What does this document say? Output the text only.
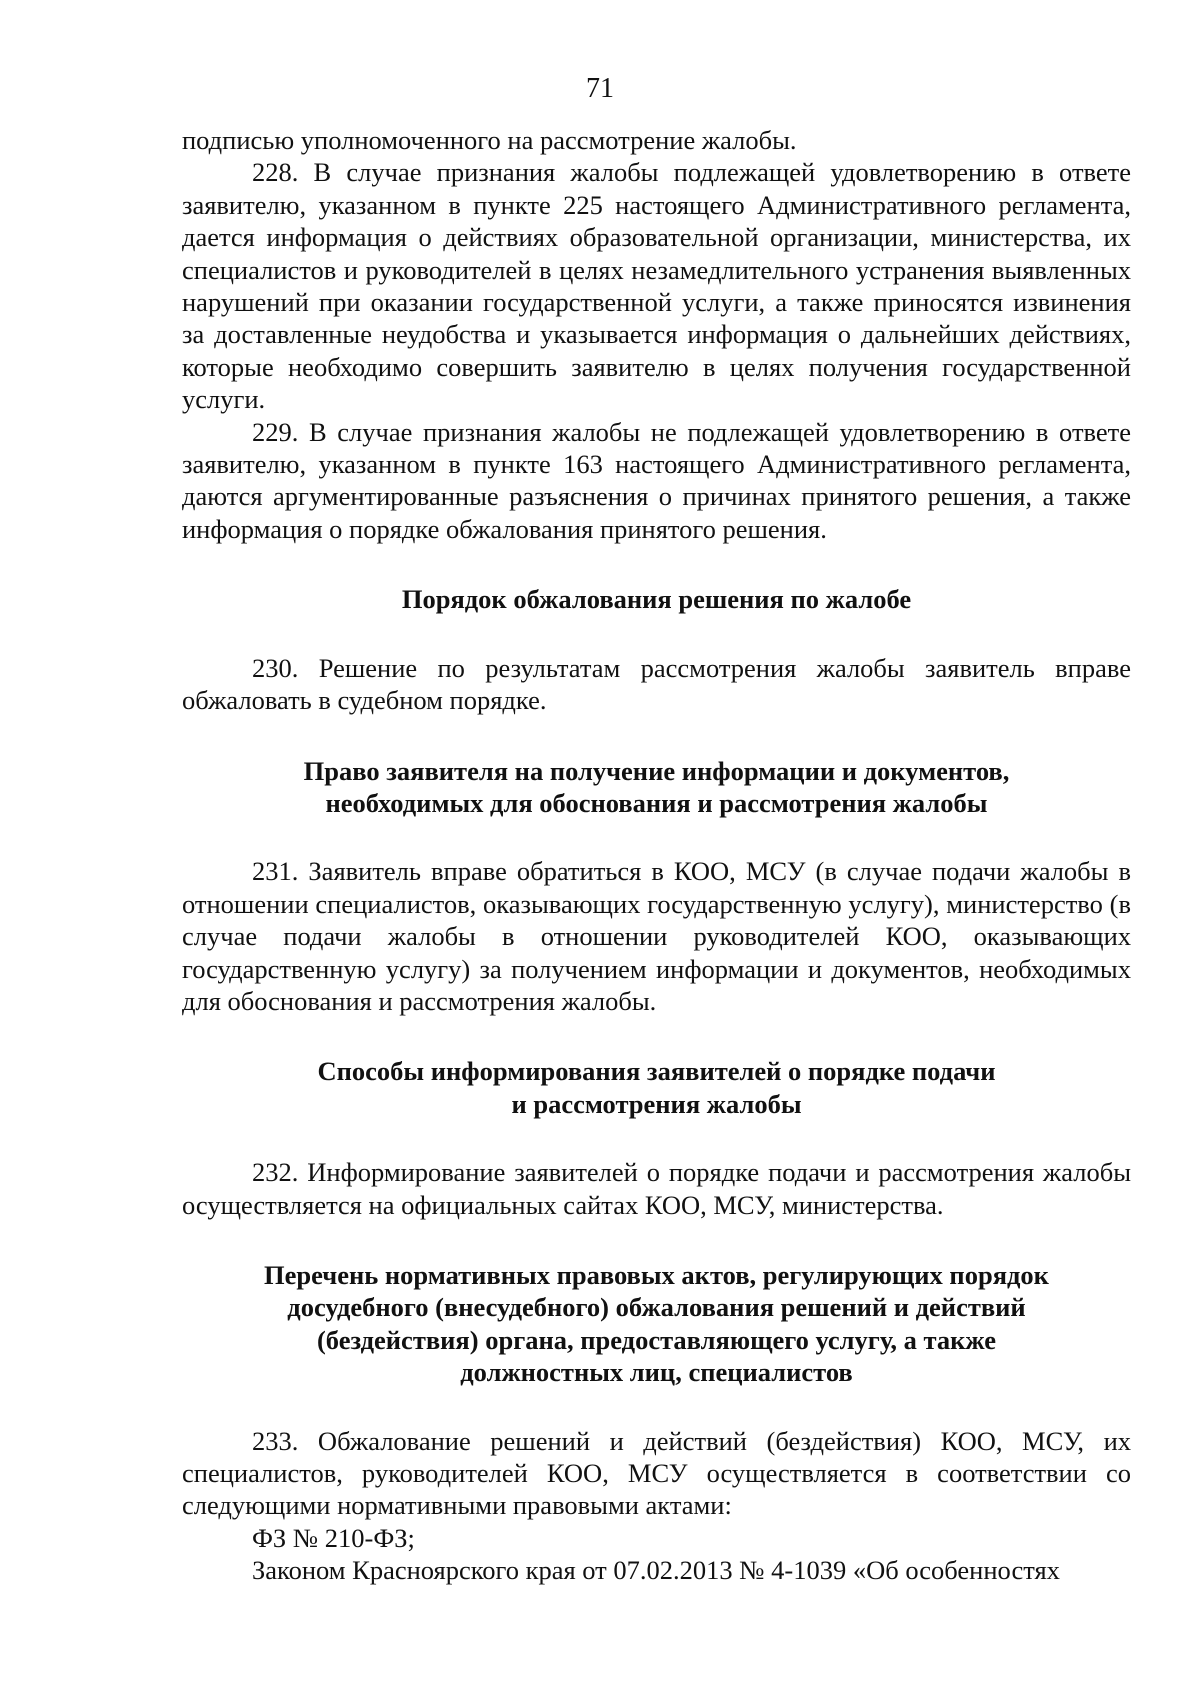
71

подписью уполномоченного на рассмотрение жалобы.

228. В случае признания жалобы подлежащей удовлетворению в ответе заявителю, указанном в пункте 225 настоящего Административного регламента, дается информация о действиях образовательной организации, министерства, их специалистов и руководителей в целях незамедлительного устранения выявленных нарушений при оказании государственной услуги, а также приносятся извинения за доставленные неудобства и указывается информация о дальнейших действиях, которые необходимо совершить заявителю в целях получения государственной услуги.

229. В случае признания жалобы не подлежащей удовлетворению в ответе заявителю, указанном в пункте 163 настоящего Административного регламента, даются аргументированные разъяснения о причинах принятого решения, а также информация о порядке обжалования принятого решения.

Порядок обжалования решения по жалобе

230. Решение по результатам рассмотрения жалобы заявитель вправе обжаловать в судебном порядке.

Право заявителя на получение информации и документов,

необходимых для обоснования и рассмотрения жалобы

231. Заявитель вправе обратиться в КОО, МСУ (в случае подачи жалобы в отношении специалистов, оказывающих государственную услугу), министерство (в случае подачи жалобы в отношении руководителей КОО, оказывающих государственную услугу) за получением информации и документов, необходимых для обоснования и рассмотрения жалобы.

Способы информирования заявителей о порядке подачи

и рассмотрения жалобы

232. Информирование заявителей о порядке подачи и рассмотрения жалобы осуществляется на официальных сайтах КОО, МСУ, министерства.

Перечень нормативных правовых актов, регулирующих порядок

досудебного (внесудебного) обжалования решений и действий

(бездействия) органа, предоставляющего услугу, а также

должностных лиц, специалистов

233. Обжалование решений и действий (бездействия) КОО, МСУ, их специалистов, руководителей КОО, МСУ осуществляется в соответствии со следующими нормативными правовыми актами:

ФЗ № 210-ФЗ;

Законом Красноярского края от 07.02.2013 № 4-1039 «Об особенностях
